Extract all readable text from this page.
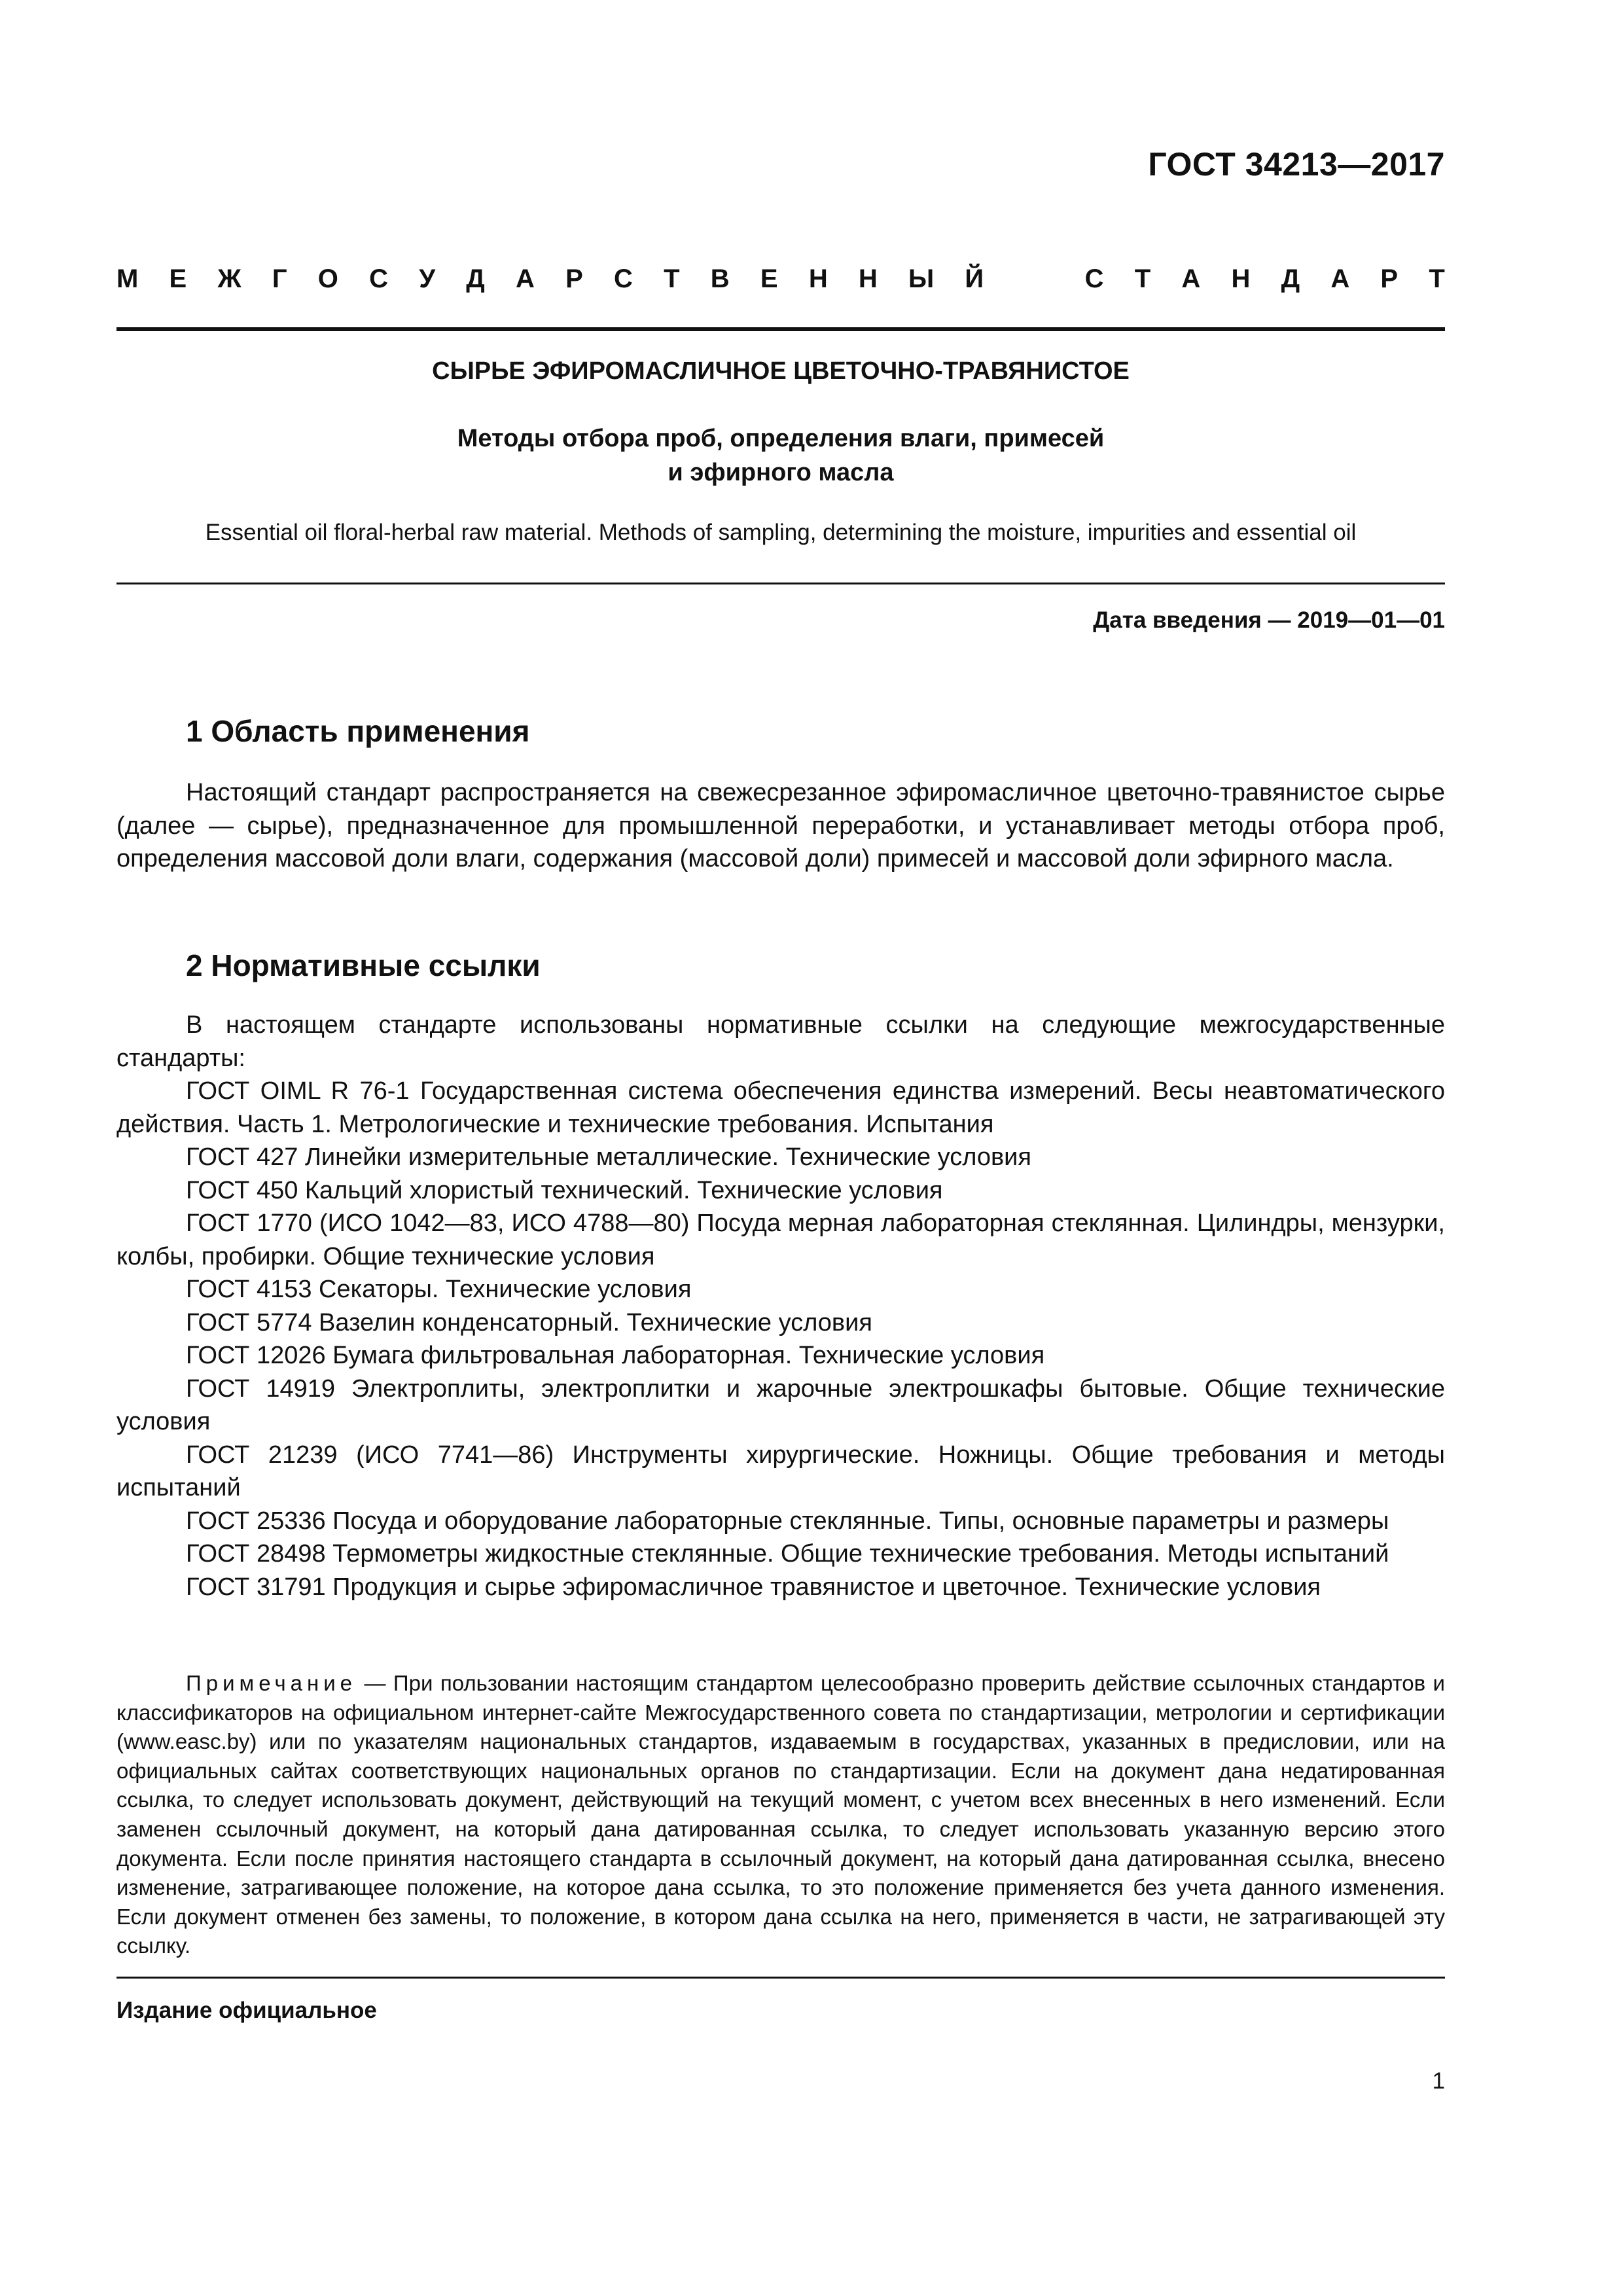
ГОСТ 34213—2017
М Е Ж Г О С У Д А Р С Т В Е Н Н Ы Й	С Т А Н Д А Р Т
СЫРЬЕ ЭФИРОМАСЛИЧНОЕ ЦВЕТОЧНО-ТРАВЯНИСТОЕ
Методы отбора проб, определения влаги, примесей
и эфирного масла
Essential oil floral-herbal raw material. Methods of sampling, determining the moisture, impurities and essential oil
Дата введения — 2019—01—01
1 Область применения

Настоящий стандарт распространяется на свежесрезанное эфиромасличное цветочно-травянистое сырье (далее — сырье), предназначенное для промышленной переработки, и устанавливает методы отбора проб, определения массовой доли влаги, содержания (массовой доли) примесей и массовой доли эфирного масла.

2 Нормативные ссылки

В настоящем стандарте использованы нормативные ссылки на следующие межгосударственные стандарты:

ГОСТ OIML R 76-1 Государственная система обеспечения единства измерений. Весы неавтоматического действия. Часть 1. Метрологические и технические требования. Испытания

ГОСТ 427 Линейки измерительные металлические. Технические условия

ГОСТ 450 Кальций хлористый технический. Технические условия

ГОСТ 1770 (ИСО 1042—83, ИСО 4788—80) Посуда мерная лабораторная стеклянная. Цилиндры, мензурки, колбы, пробирки. Общие технические условия

ГОСТ 4153 Секаторы. Технические условия

ГОСТ 5774 Вазелин конденсаторный. Технические условия

ГОСТ 12026 Бумага фильтровальная лабораторная. Технические условия

ГОСТ 14919 Электроплиты, электроплитки и жарочные электрошкафы бытовые. Общие технические условия

ГОСТ 21239 (ИСО 7741—86) Инструменты хирургические. Ножницы. Общие требования и методы испытаний

ГОСТ 25336 Посуда и оборудование лабораторные стеклянные. Типы, основные параметры и размеры

ГОСТ 28498 Термометры жидкостные стеклянные. Общие технические требования. Методы испытаний

ГОСТ 31791 Продукция и сырье эфиромасличное травянистое и цветочное. Технические условия

Примечание — При пользовании настоящим стандартом целесообразно проверить действие ссылочных стандартов и классификаторов на официальном интернет-сайте Межгосударственного совета по стандартизации, метрологии и сертификации (www.easc.by) или по указателям национальных стандартов, издаваемым в государствах, указанных в предисловии, или на официальных сайтах соответствующих национальных органов по стандартизации. Если на документ дана недатированная ссылка, то следует использовать документ, действующий на текущий момент, с учетом всех внесенных в него изменений. Если заменен ссылочный документ, на который дана датированная ссылка, то следует использовать указанную версию этого документа. Если после принятия настоящего стандарта в ссылочный документ, на который дана датированная ссылка, внесено изменение, затрагивающее положение, на которое дана ссылка, то это положение применяется без учета данного изменения. Если документ отменен без замены, то положение, в котором дана ссылка на него, применяется в части, не затрагивающей эту ссылку.

Издание официальное
1
